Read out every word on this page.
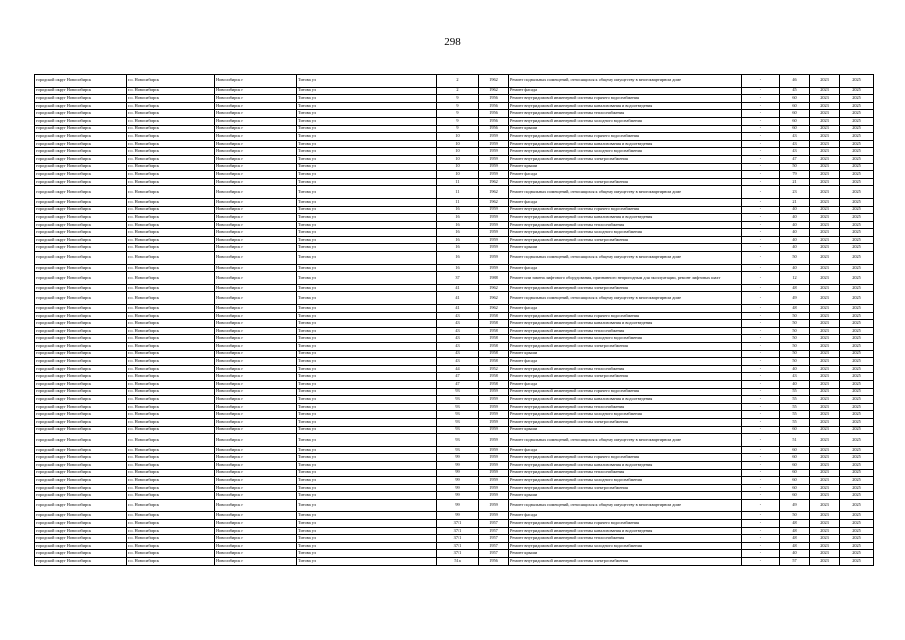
298
городской округ Новосибирск	г.о. Новосибирск	Новосибирск г	Титова ул	2	1962	Ремонт подвальных помещений, относящихся к общему имуществу в многоквартирном доме	-	46	2023	2025
городской округ Новосибирск	г.о. Новосибирск	Новосибирск г	Титова ул	2	1962	Ремонт фасада	-	45	2023	2025
городской округ Новосибирск	г.о. Новосибирск	Новосибирск г	Титова ул	9	1956	Ремонт внутридомовой инженерной системы горячего водоснабжения	-	60	2023	2025
городской округ Новосибирск	г.о. Новосибирск	Новосибирск г	Титова ул	9	1956	Ремонт внутридомовой инженерной системы канализования и водоотведения	-	60	2023	2025
городской округ Новосибирск	г.о. Новосибирск	Новосибирск г	Титова ул	9	1956	Ремонт внутридомовой инженерной системы теплоснабжения	-	60	2023	2025
городской округ Новосибирск	г.о. Новосибирск	Новосибирск г	Титова ул	9	1956	Ремонт внутридомовой инженерной системы холодного водоснабжения	-	60	2023	2025
городской округ Новосибирск	г.о. Новосибирск	Новосибирск г	Титова ул	9	1956	Ремонт крыши	-	60	2023	2025
городской округ Новосибирск	г.о. Новосибирск	Новосибирск г	Титова ул	10	1959	Ремонт внутридомовой инженерной системы горячего водоснабжения	-	43	2023	2025
городской округ Новосибирск	г.о. Новосибирск	Новосибирск г	Титова ул	10	1959	Ремонт внутридомовой инженерной системы канализования и водоотведения	-	43	2023	2025
городской округ Новосибирск	г.о. Новосибирск	Новосибирск г	Титова ул	10	1959	Ремонт внутридомовой инженерной системы холодного водоснабжения	-	43	2023	2025
городской округ Новосибирск	г.о. Новосибирск	Новосибирск г	Титова ул	10	1959	Ремонт внутридомовой инженерной системы электроснабжения	-	47	2023	2025
городской округ Новосибирск	г.о. Новосибирск	Новосибирск г	Титова ул	10	1959	Ремонт крыши	-	50	2023	2025
городской округ Новосибирск	г.о. Новосибирск	Новосибирск г	Титова ул	10	1959	Ремонт фасада	-	79	2023	2025
городской округ Новосибирск	г.о. Новосибирск	Новосибирск г	Титова ул	11	1962	Ремонт внутридомовой инженерной системы электроснабжения	-	21	2023	2025
городской округ Новосибирск	г.о. Новосибирск	Новосибирск г	Титова ул	11	1962	Ремонт подвальных помещений, относящихся к общему имуществу в многоквартирном доме	-	23	2023	2025
городской округ Новосибирск	г.о. Новосибирск	Новосибирск г	Титова ул	11	1962	Ремонт фасада	-	21	2023	2025
городской округ Новосибирск	г.о. Новосибирск	Новосибирск г	Титова ул	16	1959	Ремонт внутридомовой инженерной системы горячего водоснабжения	-	40	2023	2025
городской округ Новосибирск	г.о. Новосибирск	Новосибирск г	Титова ул	16	1959	Ремонт внутридомовой инженерной системы канализования и водоотведения	-	40	2023	2025
городской округ Новосибирск	г.о. Новосибирск	Новосибирск г	Титова ул	16	1959	Ремонт внутридомовой инженерной системы теплоснабжения	-	40	2023	2025
городской округ Новосибирск	г.о. Новосибирск	Новосибирск г	Титова ул	16	1959	Ремонт внутридомовой инженерной системы холодного водоснабжения	-	40	2023	2025
городской округ Новосибирск	г.о. Новосибирск	Новосибирск г	Титова ул	16	1959	Ремонт внутридомовой инженерной системы электроснабжения	-	40	2023	2025
городской округ Новосибирск	г.о. Новосибирск	Новосибирск г	Титова ул	16	1959	Ремонт крыши	-	40	2023	2025
городской округ Новосибирск	г.о. Новосибирск	Новосибирск г	Титова ул	16	1959	Ремонт подвальных помещений, относящихся к общему имуществу в многоквартирном доме	-	50	2023	2025
городской округ Новосибирск	г.о. Новосибирск	Новосибирск г	Титова ул	16	1959	Ремонт фасада	-	40	2023	2025
городской округ Новосибирск	г.о. Новосибирск	Новосибирск г	Титова ул	37	1988	Ремонт или замена лифтового оборудования, признанного непригодным для эксплуатации, ремонт лифтовых шахт	-	12	2023	2025
городской округ Новосибирск	г.о. Новосибирск	Новосибирск г	Титова ул	41	1962	Ремонт внутридомовой инженерной системы электроснабжения	-	48	2023	2025
городской округ Новосибирск	г.о. Новосибирск	Новосибирск г	Титова ул	41	1962	Ремонт подвальных помещений, относящихся к общему имуществу в многоквартирном доме	-	49	2023	2025
городской округ Новосибирск	г.о. Новосибирск	Новосибирск г	Титова ул	41	1962	Ремонт фасада	-	48	2023	2025
городской округ Новосибирск	г.о. Новосибирск	Новосибирск г	Титова ул	43	1958	Ремонт внутридомовой инженерной системы горячего водоснабжения	-	50	2023	2025
городской округ Новосибирск	г.о. Новосибирск	Новосибирск г	Титова ул	43	1958	Ремонт внутридомовой инженерной системы канализования и водоотведения	-	50	2023	2025
городской округ Новосибирск	г.о. Новосибирск	Новосибирск г	Титова ул	43	1958	Ремонт внутридомовой инженерной системы теплоснабжения	-	50	2023	2025
городской округ Новосибирск	г.о. Новосибирск	Новосибирск г	Титова ул	43	1958	Ремонт внутридомовой инженерной системы холодного водоснабжения	-	50	2023	2025
городской округ Новосибирск	г.о. Новосибирск	Новосибирск г	Титова ул	43	1958	Ремонт внутридомовой инженерной системы электроснабжения	-	50	2023	2025
городской округ Новосибирск	г.о. Новосибирск	Новосибирск г	Титова ул	43	1958	Ремонт крыши	-	50	2023	2025
городской округ Новосибирск	г.о. Новосибирск	Новосибирск г	Титова ул	43	1958	Ремонт фасада	-	50	2023	2025
городской округ Новосибирск	г.о. Новосибирск	Новосибирск г	Титова ул	44	1952	Ремонт внутридомовой инженерной системы теплоснабжения	-	40	2023	2025
городской округ Новосибирск	г.о. Новосибирск	Новосибирск г	Титова ул	47	1958	Ремонт внутридомовой инженерной системы электроснабжения	-	43	2023	2025
городской округ Новосибирск	г.о. Новосибирск	Новосибирск г	Титова ул	47	1958	Ремонт фасада	-	40	2023	2025
городской округ Новосибирск	г.о. Новосибирск	Новосибирск г	Титова ул	93	1959	Ремонт внутридомовой инженерной системы горячего водоснабжения	-	55	2023	2025
городской округ Новосибирск	г.о. Новосибирск	Новосибирск г	Титова ул	93	1959	Ремонт внутридомовой инженерной системы канализования и водоотведения	-	55	2023	2025
городской округ Новосибирск	г.о. Новосибирск	Новосибирск г	Титова ул	93	1959	Ремонт внутридомовой инженерной системы теплоснабжения	-	55	2023	2025
городской округ Новосибирск	г.о. Новосибирск	Новосибирск г	Титова ул	93	1959	Ремонт внутридомовой инженерной системы холодного водоснабжения	-	55	2023	2025
городской округ Новосибирск	г.о. Новосибирск	Новосибирск г	Титова ул	93	1959	Ремонт внутридомовой инженерной системы электроснабжения	-	55	2023	2025
городской округ Новосибирск	г.о. Новосибирск	Новосибирск г	Титова ул	93	1959	Ремонт крыши	-	60	2023	2025
городской округ Новосибирск	г.о. Новосибирск	Новосибирск г	Титова ул	93	1959	Ремонт подвальных помещений, относящихся к общему имуществу в многоквартирном доме	-	51	2023	2025
городской округ Новосибирск	г.о. Новосибирск	Новосибирск г	Титова ул	93	1959	Ремонт фасада	-	60	2023	2025
городской округ Новосибирск	г.о. Новосибирск	Новосибирск г	Титова ул	99	1959	Ремонт внутридомовой инженерной системы горячего водоснабжения	-	60	2023	2025
городской округ Новосибирск	г.о. Новосибирск	Новосибирск г	Титова ул	99	1959	Ремонт внутридомовой инженерной системы канализования и водоотведения	-	60	2023	2025
городской округ Новосибирск	г.о. Новосибирск	Новосибирск г	Титова ул	99	1959	Ремонт внутридомовой инженерной системы теплоснабжения	-	60	2023	2025
городской округ Новосибирск	г.о. Новосибирск	Новосибирск г	Титова ул	99	1959	Ремонт внутридомовой инженерной системы холодного водоснабжения	-	60	2023	2025
городской округ Новосибирск	г.о. Новосибирск	Новосибирск г	Титова ул	99	1959	Ремонт внутридомовой инженерной системы электроснабжения	-	60	2023	2025
городской округ Новосибирск	г.о. Новосибирск	Новосибирск г	Титова ул	99	1959	Ремонт крыши	-	60	2023	2025
городской округ Новосибирск	г.о. Новосибирск	Новосибирск г	Титова ул	99	1959	Ремонт подвальных помещений, относящихся к общему имуществу в многоквартирном доме	-	49	2023	2025
городской округ Новосибирск	г.о. Новосибирск	Новосибирск г	Титова ул	99	1959	Ремонт фасада	-	50	2023	2025
городской округ Новосибирск	г.о. Новосибирск	Новосибирск г	Титова ул	37/1	1957	Ремонт внутридомовой инженерной системы горячего водоснабжения	-	48	2023	2025
городской округ Новосибирск	г.о. Новосибирск	Новосибирск г	Титова ул	37/1	1957	Ремонт внутридомовой инженерной системы канализования и водоотведения	-	48	2023	2025
городской округ Новосибирск	г.о. Новосибирск	Новосибирск г	Титова ул	37/1	1957	Ремонт внутридомовой инженерной системы теплоснабжения	-	48	2023	2025
городской округ Новосибирск	г.о. Новосибирск	Новосибирск г	Титова ул	37/1	1957	Ремонт внутридомовой инженерной системы холодного водоснабжения	-	48	2023	2025
городской округ Новосибирск	г.о. Новосибирск	Новосибирск г	Титова ул	37/1	1957	Ремонт крыши	-	40	2023	2025
городской округ Новосибирск	г.о. Новосибирск	Новосибирск г	Титова ул	51а	1956	Ремонт внутридомовой инженерной системы электроснабжения	-	57	2023	2025
